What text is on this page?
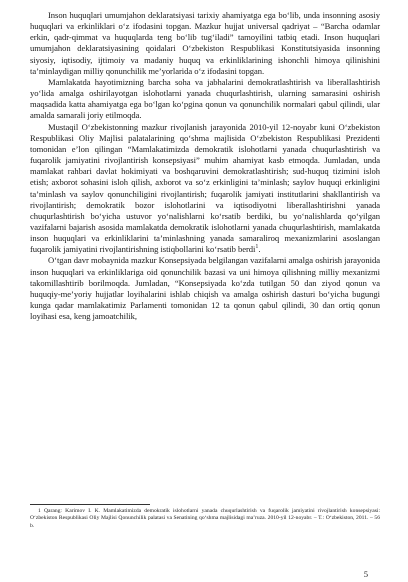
Inson huquqlari umumjahon deklaratsiyasi tarixiy ahamiyatga ega bo‘lib, unda insonning asosiy huquqlari va erkinliklari o‘z ifodasini topgan. Mazkur hujjat universal qadriyat – “Barcha odamlar erkin, qadr-qimmat va huquqlarda teng bo‘lib tug‘iladi” tamoyilini tatbiq etadi. Inson huquqlari umumjahon deklaratsiyasining qoidalari O‘zbekiston Respublikasi Konstitutsiyasida insonning siyosiy, iqtisodiy, ijtimoiy va madaniy huquq va erkinliklarining ishonchli himoya qilinishini ta’minlaydigan milliy qonunchilik me’yorlarida o‘z ifodasini topgan.

Mamlakatda hayotimizning barcha soha va jabhalarini demokratlashtirish va liberallashtirish yo‘lida amalga oshirilayotgan islohotlarni yanada chuqurlashtirish, ularning samarasini oshirish maqsadida katta ahamiyatga ega bo‘lgan ko‘pgina qonun va qonunchilik normalari qabul qilindi, ular amalda samarali joriy etilmoqda.

Mustaqil O‘zbekistonning mazkur rivojlanish jarayonida 2010-yil 12-noyabr kuni O‘zbekiston Respublikasi Oliy Majlisi palatalarining qo‘shma majlisida O‘zbekiston Respublikasi Prezidenti tomonidan e’lon qilingan “Mamlakatimizda demokratik islohotlarni yanada chuqurlashtirish va fuqarolik jamiyatini rivojlantirish konsepsiyasi” muhim ahamiyat kasb etmoqda. Jumladan, unda mamlakat rahbari davlat hokimiyati va boshqaruvini demokratlashtirish; sud-huquq tizimini isloh etish; axborot sohasini isloh qilish, axborot va so‘z erkinligini ta’minlash; saylov huquqi erkinligini ta’minlash va saylov qonunchiligini rivojlantirish; fuqarolik jamiyati institutlarini shakllantirish va rivojlantirish; demokratik bozor islohotlarini va iqtisodiyotni liberallashtirishni yanada chuqurlashtirish bo‘yicha ustuvor yo‘nalishlarni ko‘rsatib berdiki, bu yo‘nalishlarda qo‘yilgan vazifalarni bajarish asosida mamlakatda demokratik islohotlarni yanada chuqurlashtirish, mamlakatda inson huquqlari va erkinliklarini ta’minlashning yanada samaraliroq mexanizmlarini asoslangan fuqarolik jamiyatini rivojlantirishning istiqbollarini ko‘rsatib berdi$^1$.

O‘tgan davr mobaynida mazkur Konsepsiyada belgilangan vazifalarni amalga oshirish jarayonida inson huquqlari va erkinliklariga oid qonunchilik bazasi va uni himoya qilishning milliy mexanizmi takomillashtirib borilmoqda. Jumladan, “Konsepsiyada ko‘zda tutilgan 50 dan ziyod qonun va huquqiy-me’yoriy hujjatlar loyihalarini ishlab chiqish va amalga oshirish dasturi bo‘yicha bugungi kunga qadar mamlakatimiz Parlamenti tomonidan 12 ta qonun qabul qilindi, 30 dan ortiq qonun loyihasi esa, keng jamoatchilik,

1 Qarang: Karimov I. K. Mamlakatimizda demokratik islohotlarni yanada chuqurlashtirish va fuqarolik jamiyatini rivojlantirish konsepsiyasi: O‘zbekiston Respublikasi Oliy Majlisi Qonunchilik palatasi va Senatining qo‘shma majlisidagi ma’ruza. 2010-yil 12-noyabr. – T.: O‘zbekiston, 2011. – 56 b.
5
